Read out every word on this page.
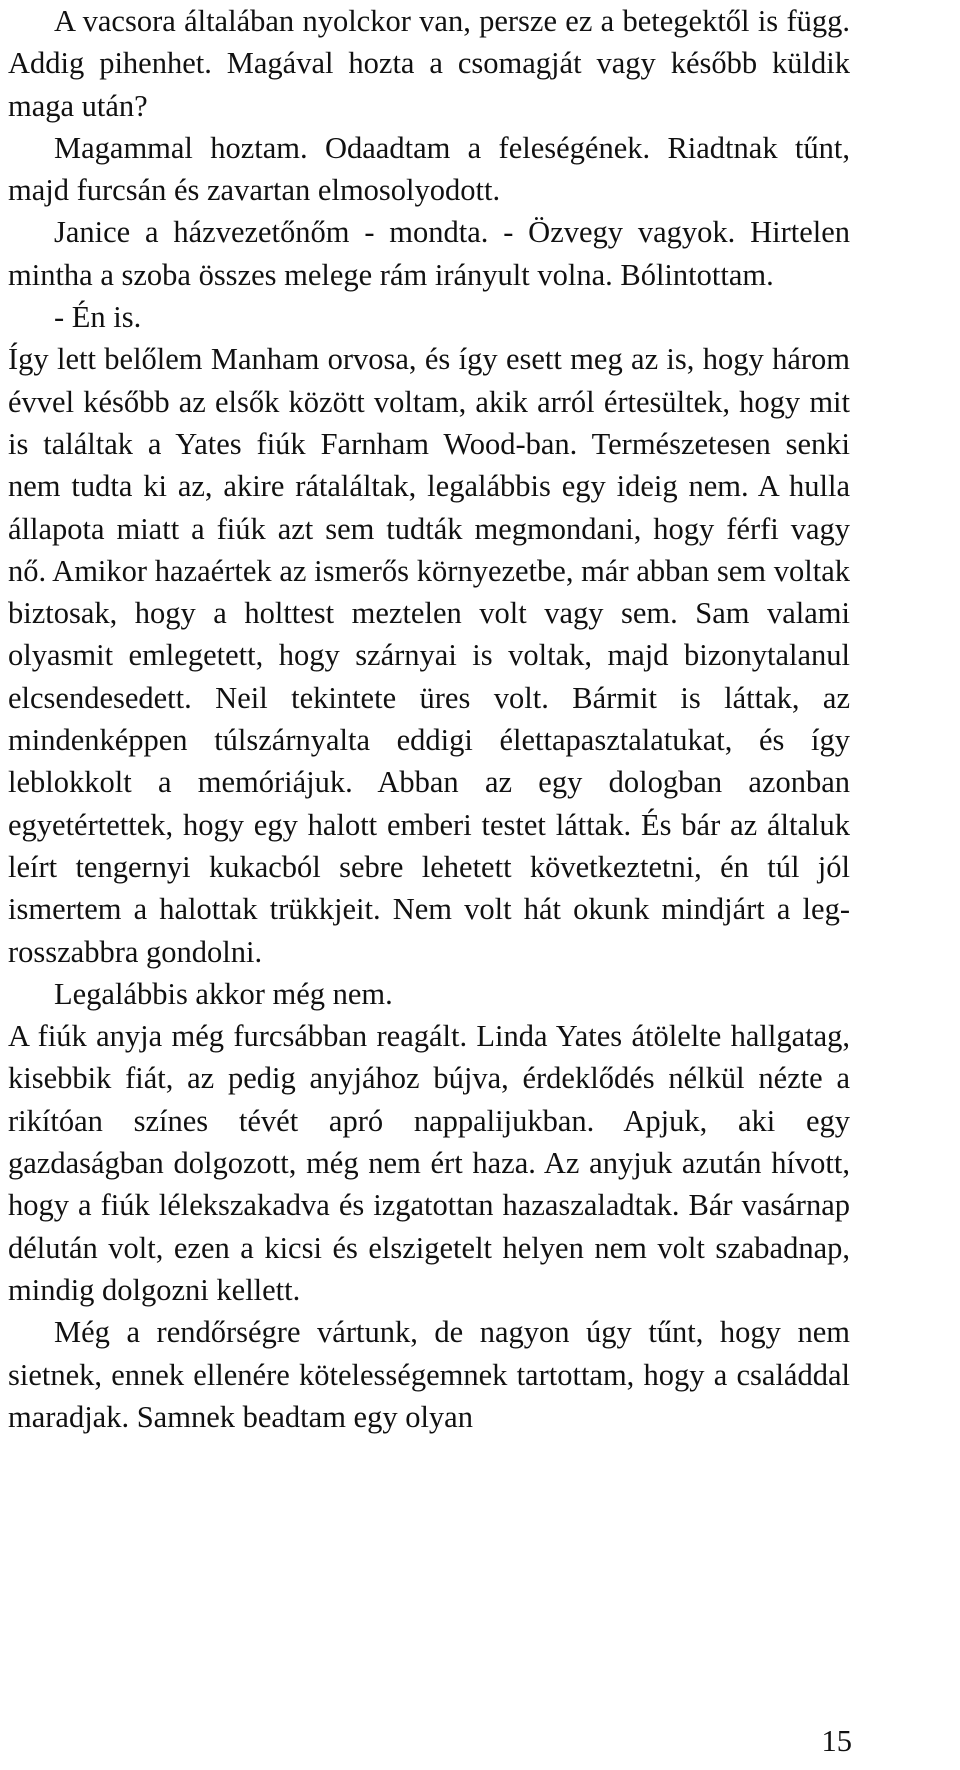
A vacsora általában nyolckor van, persze ez a betegektől is függ. Addig pihenhet. Magával hozta a csomagját vagy később küldik maga után?

Magammal hoztam. Odaadtam a feleségének. Riadtnak tűnt, majd furcsán és zavartan elmosolyodott.

Janice a házvezetőnőm - mondta. - Özvegy vagyok. Hirtelen mintha a szoba összes melege rám irányult volna. Bólintottam.

- Én is.

Így lett belőlem Manham orvosa, és így esett meg az is, hogy három évvel később az elsők között voltam, akik arról értesültek, hogy mit is találtak a Yates fiúk Farnham Wood-ban. Természetesen senki nem tudta ki az, akire rátaláltak, legalábbis egy ideig nem. A hulla állapota miatt a fiúk azt sem tudták megmondani, hogy férfi vagy nő. Amikor hazaértek az ismerős környezetbe, már abban sem voltak biztosak, hogy a holttest meztelen volt vagy sem. Sam valami olyasmit emlegetett, hogy szárnyai is voltak, majd bizonytalanul elcsendesedett. Neil tekintete üres volt. Bármit is láttak, az mindenképpen túlszárnyalta eddigi élettapasztalatukat, és így leblokkolt a memóriájuk. Abban az egy dologban azonban egyetértettek, hogy egy halott emberi testet láttak. És bár az általuk leírt tengernyi kukacból sebre lehetett következtetni, én túl jól ismertem a halottak trükkjeit. Nem volt hát okunk mindjárt a legrosszabbra gondolni.

Legalábbis akkor még nem.

A fiúk anyja még furcsábban reagált. Linda Yates átölelte hallgatag, kisebbik fiát, az pedig anyjához bújva, érdeklődés nélkül nézte a rikítóan színes tévét apró nappalijukban. Apjuk, aki egy gazdaságban dolgozott, még nem ért haza. Az anyjuk azután hívott, hogy a fiúk lélekszakadva és izgatottan hazaszaladtak. Bár vasárnap délután volt, ezen a kicsi és elszigetelt helyen nem volt szabadnap, mindig dolgozni kellett.

Még a rendőrségre vártunk, de nagyon úgy tűnt, hogy nem sietnek, ennek ellenére kötelességemnek tartottam, hogy a családdal maradjak. Samnek beadtam egy olyan

15
